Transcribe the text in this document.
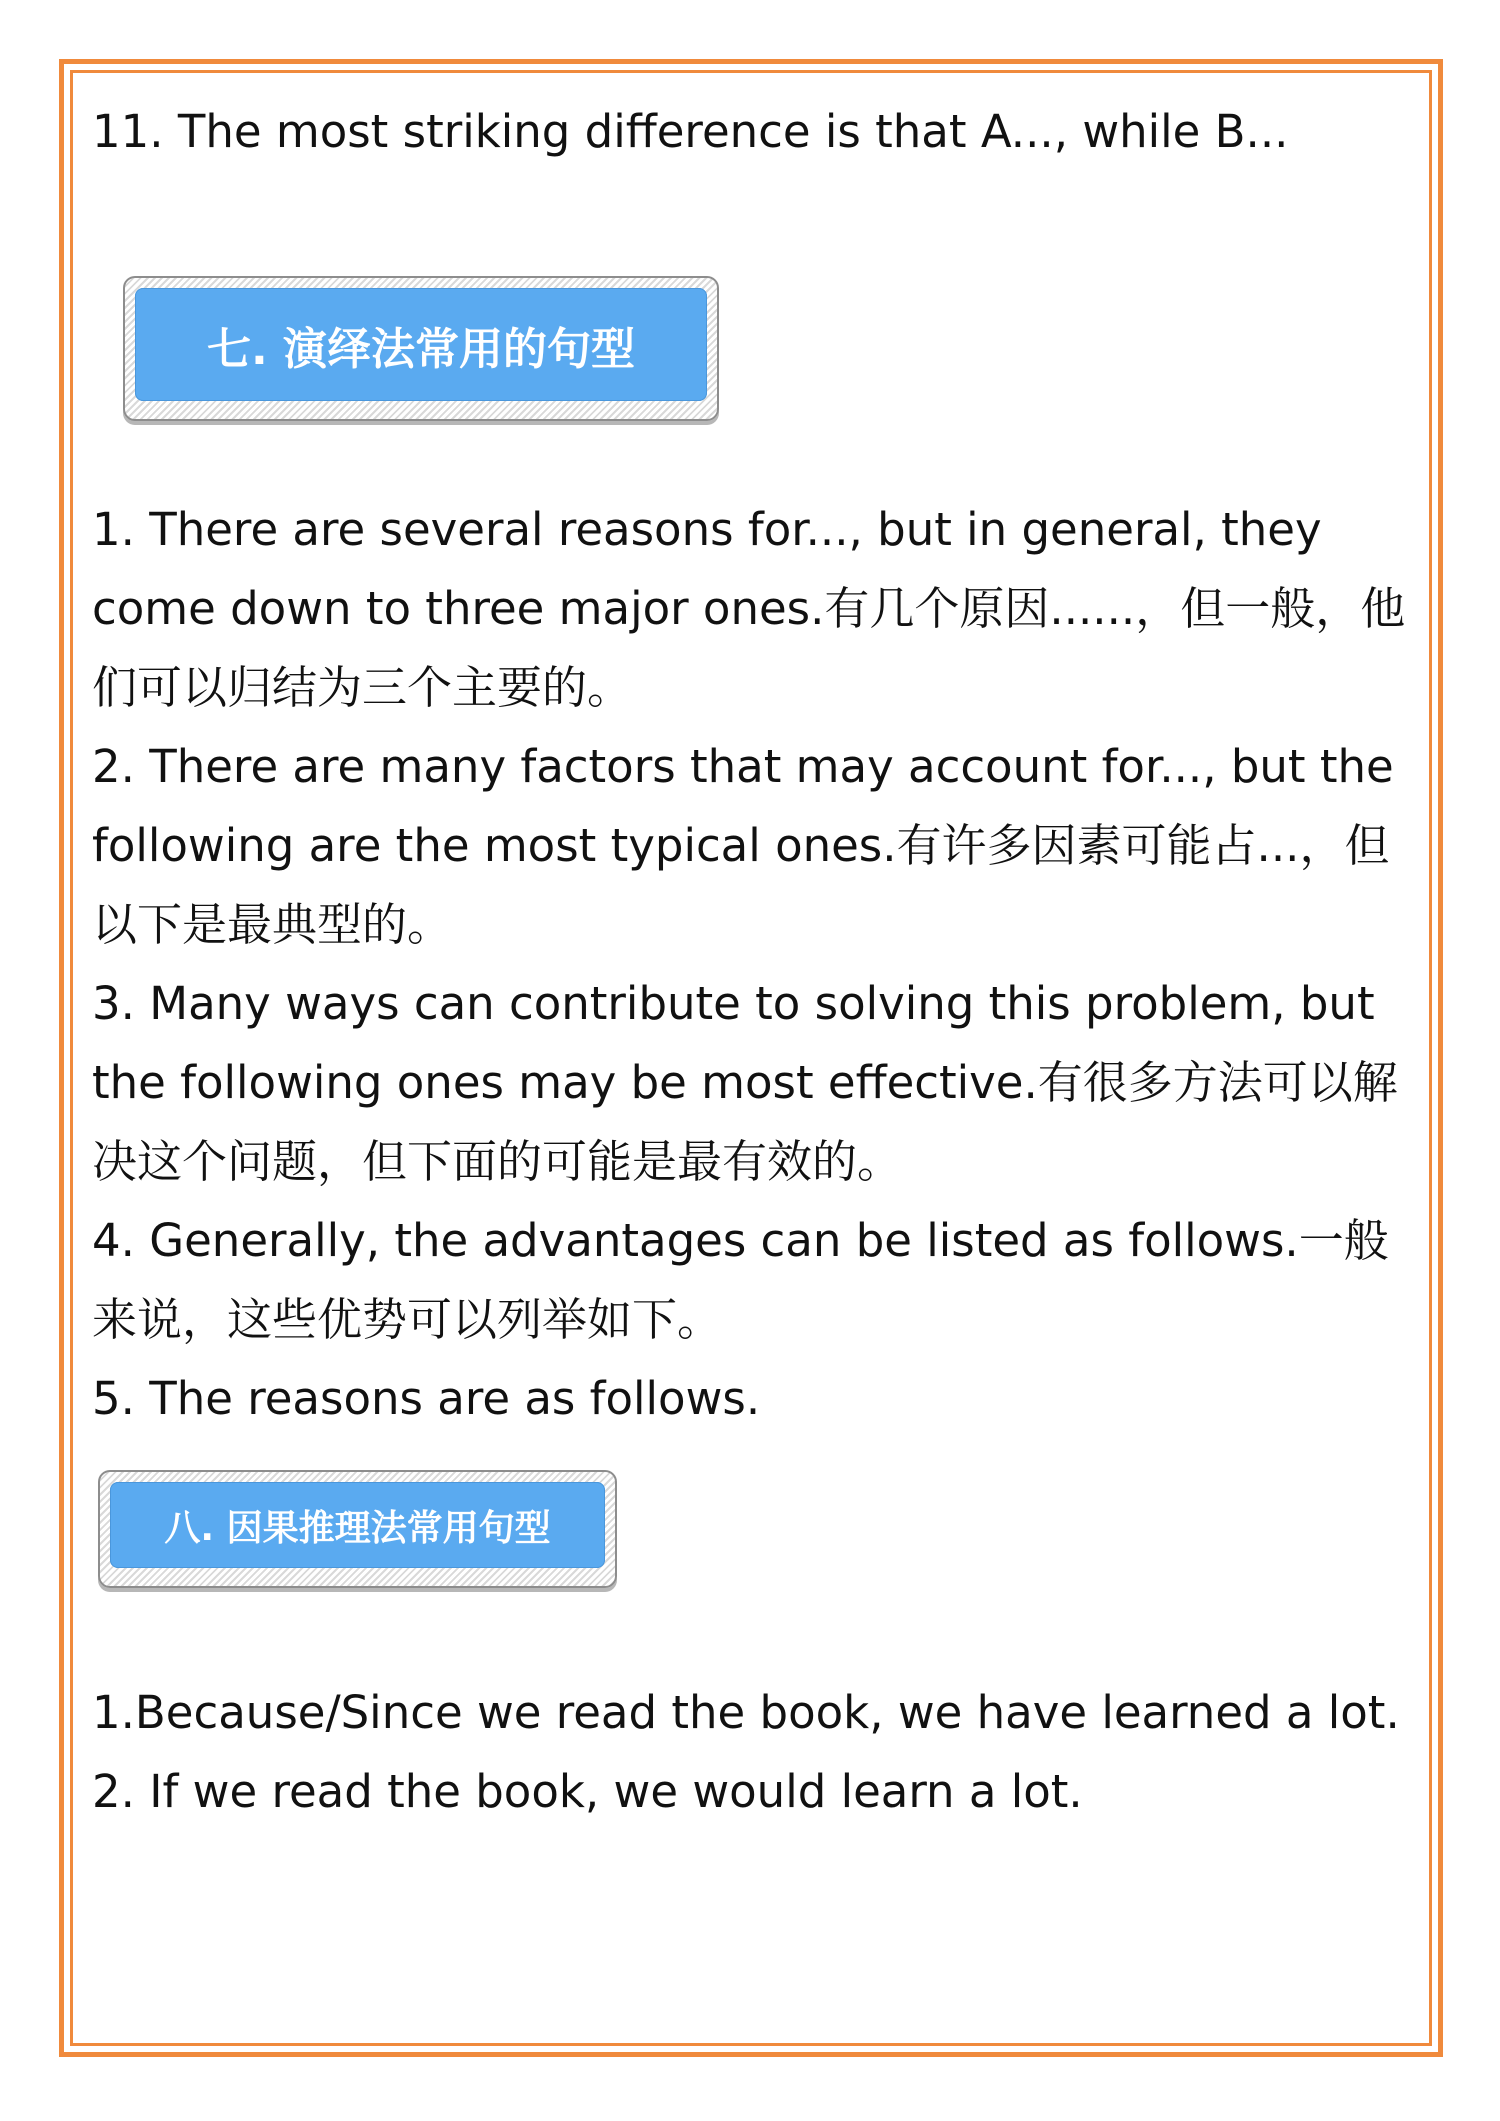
11. The most striking difference is that A..., while B...
七. 演绎法常用的句型
1. There are several reasons for..., but in general, they come down to three major ones.有几个原因......，但一般，他们可以归结为三个主要的。
2. There are many factors that may account for..., but the following are the most typical ones.有许多因素可能占...，但以下是最典型的。
3. Many ways can contribute to solving this problem, but the following ones may be most effective.有很多方法可以解决这个问题，但下面的可能是最有效的。
4. Generally, the advantages can be listed as follows.一般来说，这些优势可以列举如下。
5. The reasons are as follows.
八. 因果推理法常用句型
1.Because/Since we read the book, we have learned a lot.
2. If we read the book, we would learn a lot.
